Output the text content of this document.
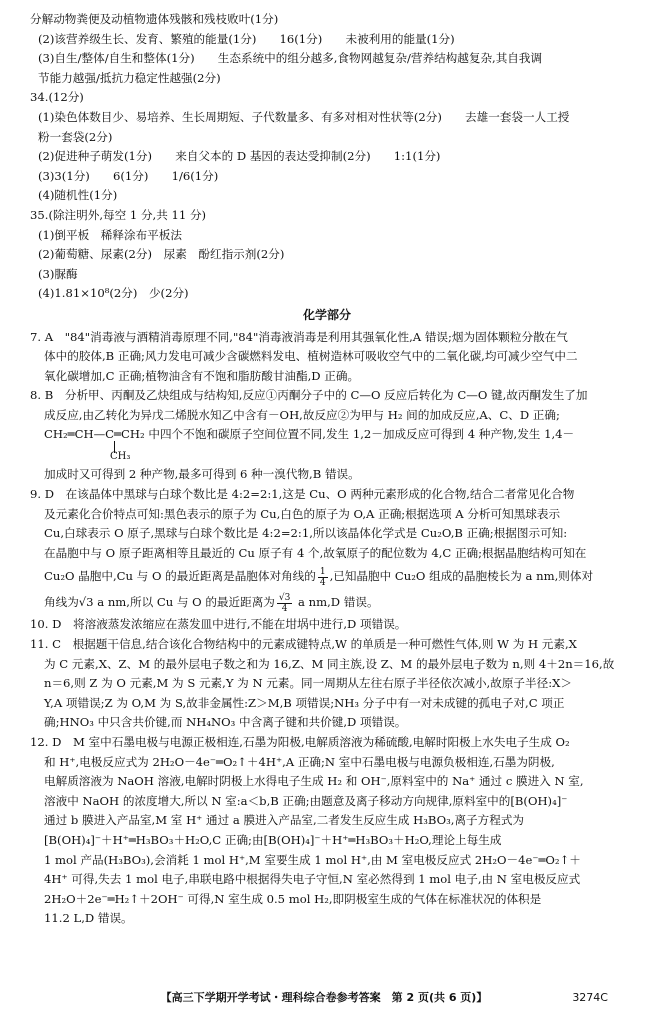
分解动物粪便及动植物遗体残骸和残枝败叶(1分)
(2)该营养级生长、发育、繁殖的能量(1分)　　16(1分)　　未被利用的能量(1分)
(3)自生/整体/自生和整体(1分)　　生态系统中的组分越多,食物网越复杂/营养结构越复杂,其自我调
节能力越强/抵抗力稳定性越强(2分)
34.(12分)
(1)染色体数目少、易培养、生长周期短、子代数量多、有多对相对性状等(2分)　　去雄一套袋一人工授
粉一套袋(2分)
(2)促进种子萌发(1分)　　来自父本的 D 基因的表达受抑制(2分)　　1:1(1分)
(3)3(1分)　　6(1分)　　1/6(1分)
(4)随机性(1分)
35.(除注明外,每空 1 分,共 11 分)
(1)倒平板　稀释涂布平板法
(2)葡萄糖、尿素(2分)　尿素　酚红指示剂(2分)
(3)脲酶
(4)1.81×10⁸(2分)　少(2分)
化学部分
7. A　"84"消毒液与酒精消毒原理不同,"84"消毒液消毒是利用其强氧化性,A 错误;烟为固体颗粒分散在气
体中的胶体,B 正确;风力发电可减少含碳燃料发电、植树造林可吸收空气中的二氧化碳,均可减少空气中二
氧化碳增加,C 正确;植物油含有不饱和脂肪酸甘油酯,D 正确。
8. B　分析甲、丙酮及乙炔组成与结构知,反应①丙酮分子中的 C—O 反应后转化为 C—O 键,故丙酮发生了加
成反应,由乙转化为异戊二烯脱水知乙中含有－OH,故反应②为甲与 H₂ 间的加成反应,A、C、D 正确;
CH₂═CH—C═CH₂ 中四个不饱和碳原子空间位置不同,发生 1,2－加成反应可得到 4 种产物,发生 1,4－
CH₃
加成时又可得到 2 种产物,最多可得到 6 种一溴代物,B 错误。
9. D　在该晶体中黑球与白球个数比是 4:2=2:1,这是 Cu、O 两种元素形成的化合物,结合二者常见化合物
及元素化合价特点可知:黑色表示的原子为 Cu,白色的原子为 O,A 正确;根据选项 A 分析可知黑球表示
Cu,白球表示 O 原子,黑球与白球个数比是 4:2=2:1,所以该晶体化学式是 Cu₂O,B 正确;根据图示可知:
在晶胞中与 O 原子距离相等且最近的 Cu 原子有 4 个,故氧原子的配位数为 4,C 正确;根据晶胞结构可知在
Cu₂O 晶胞中,Cu 与 O 的最近距离是晶胞体对角线的 $\frac{1}{4}$ ,已知晶胞中 Cu₂O 组成的晶胞棱长为 a nm,则体对
角线为√3 a nm,所以 Cu 与 O 的最近距离为 $\frac{√3}{4}$ a nm,D 错误。
10. D　将溶液蒸发浓缩应在蒸发皿中进行,不能在坩埚中进行,D 项错误。
11. C　根据题干信息,结合该化合物结构中的元素成键特点,W 的单质是一种可燃性气体,则 W 为 H 元素,X
为 C 元素,X、Z、M 的最外层电子数之和为 16,Z、M 同主族,设 Z、M 的最外层电子数为 n,则 4＋2n＝16,故
n＝6,则 Z 为 O 元素,M 为 S 元素,Y 为 N 元素。同一周期从左往右原子半径依次减小,故原子半径:X＞
Y,A 项错误;Z 为 O,M 为 S,故非金属性:Z＞M,B 项错误;NH₃ 分子中有一对未成键的孤电子对,C 项正
确;HNO₃ 中只含共价键,而 NH₄NO₃ 中含离子键和共价键,D 项错误。
12. D　M 室中石墨电极与电源正极相连,石墨为阳极,电解质溶液为稀硫酸,电解时阳极上水失电子生成 O₂
和 H⁺,电极反应式为 2H₂O－4e⁻═O₂↑＋4H⁺,A 正确;N 室中石墨电极与电源负极相连,石墨为阴极,
电解质溶液为 NaOH 溶液,电解时阴极上水得电子生成 H₂ 和 OH⁻,原料室中的 Na⁺ 通过 c 膜进入 N 室,
溶液中 NaOH 的浓度增大,所以 N 室:a＜b,B 正确;由题意及离子移动方向规律,原料室中的[B(OH)₄]⁻
通过 b 膜进入产品室,M 室 H⁺ 通过 a 膜进入产品室,二者发生反应生成 H₃BO₃,离子方程式为
[B(OH)₄]⁻＋H⁺═H₃BO₃＋H₂O,C 正确;由[B(OH)₄]⁻＋H⁺═H₃BO₃＋H₂O,理论上每生成
1 mol 产品(H₃BO₃),会消耗 1 mol H⁺,M 室要生成 1 mol H⁺,由 M 室电极反应式 2H₂O－4e⁻═O₂↑＋
4H⁺ 可得,失去 1 mol 电子,串联电路中根据得失电子守恒,N 室必然得到 1 mol 电子,由 N 室电极反应式
2H₂O＋2e⁻═H₂↑＋2OH⁻ 可得,N 室生成 0.5 mol H₂,即阴极室生成的气体在标准状况的体积是
11.2 L,D 错误。
【高三下学期开学考试・理科综合卷参考答案　第 2 页(共 6 页)】	3274C
